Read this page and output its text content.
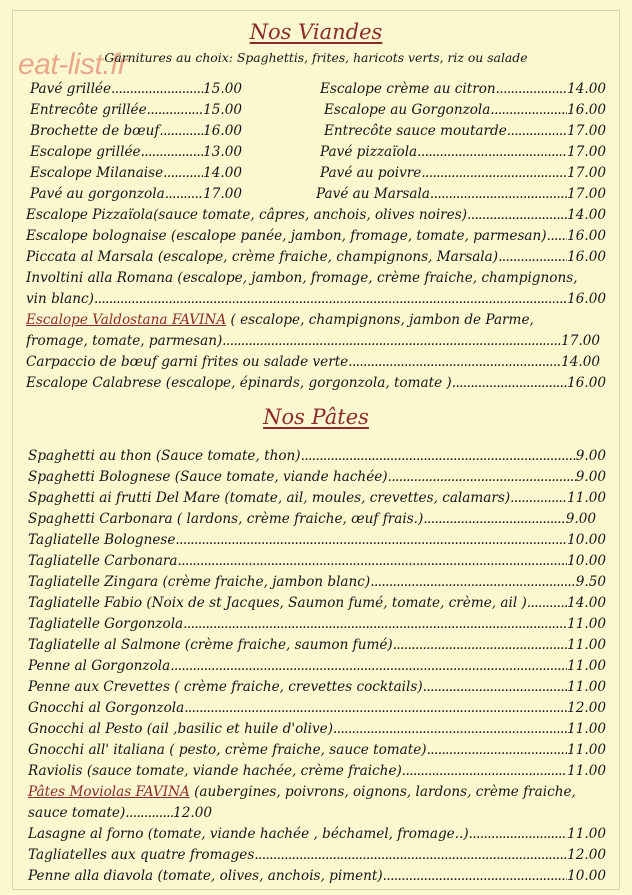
eat-list.fr
Nos Viandes
Garnitures au choix: Spaghettis, frites, haricots verts, riz ou salade
Pavé grillée .....	15.00
Entrecôte grillée .....	15.00
Brochette de bœuf .....	16.00
Escalope grillée .....	13.00
Escalope Milanaise .....	14.00
Pavé au gorgonzola .....	17.00
Escalope crème au citron .....	14.00
Escalope au Gorgonzola .....	16.00
Entrecôte sauce moutarde .....	17.00
Pavé pizzaïola .....	17.00
Pavé au poivre .....	17.00
Pavé au Marsala .....	17.00
Escalope Pizzaïola(sauce tomate, câpres, anchois, olives noires) .....	14.00
Escalope bolognaise (escalope panée, jambon, fromage, tomate, parmesan) ..... 16.00
Piccata al Marsala (escalope, crème fraiche, champignons, Marsala) .....	16.00
Involtini alla Romana (escalope, jambon, fromage, crème fraiche, champignons,
vin blanc) .....	16.00
Escalope Valdostana FAVINA ( escalope, champignons, jambon de Parme,
fromage, tomate, parmesan) .....	17.00
Carpaccio de bœuf garni frites ou salade verte .....	14.00
Escalope Calabrese (escalope, épinards, gorgonzola, tomate ) .....	16.00
Nos Pâtes
Spaghetti au thon (Sauce tomate, thon) .....	9.00
Spaghetti Bolognese (Sauce tomate, viande hachée) .....	9.00
Spaghetti ai frutti Del Mare (tomate, ail, moules, crevettes, calamars) .....	11.00
Spaghetti Carbonara ( lardons, crème fraiche, œuf frais.) .....	9.00
Tagliatelle Bolognese .....	10.00
Tagliatelle Carbonara .....	10.00
Tagliatelle Zingara (crème fraiche, jambon blanc) .....	9.50
Tagliatelle Fabio (Noix de st Jacques, Saumon fumé, tomate, crème, ail ) .....	14.00
Tagliatelle Gorgonzola .....	11.00
Tagliatelle al Salmone (crème fraiche, saumon fumé) .....	11.00
Penne al Gorgonzola .....	11.00
Penne aux Crevettes ( crème fraiche, crevettes cocktails) .....	11.00
Gnocchi al Gorgonzola .....	12.00
Gnocchi al Pesto (ail ,basilic et huile d'olive) .....	11.00
Gnocchi all' italiana ( pesto, crème fraiche, sauce tomate) .....	11.00
Raviolis (sauce tomate, viande hachée, crème fraiche) .....	11.00
Pâtes Moviolas FAVINA (aubergines, poivrons, oignons, lardons, crème fraiche,
sauce tomate) .....	12.00
Lasagne al forno (tomate, viande hachée , béchamel, fromage..) .....	11.00
Tagliatelles aux quatre fromages .....	12.00
Penne alla diavola (tomate, olives, anchois, piment) .....	10.00
